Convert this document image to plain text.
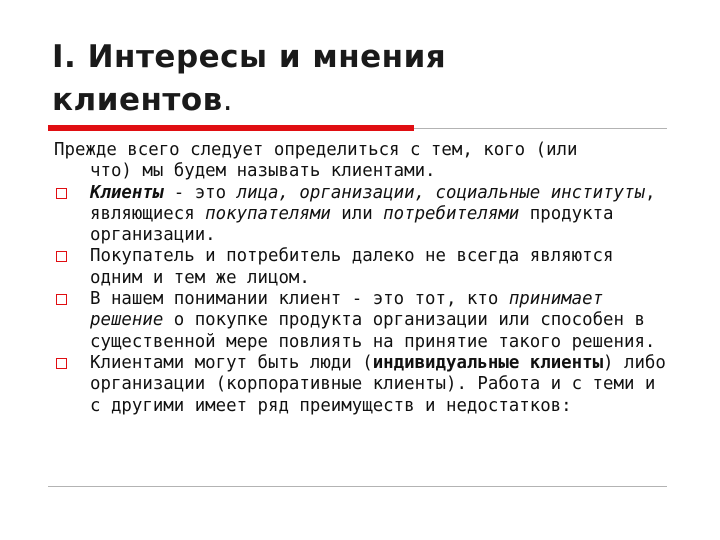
I. Интересы и мнения
клиентов.

Прежде всего следует определиться с тем, кого (или
что) мы будем называть клиентами.

Клиенты - это лица, организации, социальные институты, являющиеся покупателями или потребителями продукта организации.
Покупатель и потребитель далеко не всегда являются одним и тем же лицом.
В нашем понимании клиент - это тот, кто принимает решение о покупке продукта организации или способен в существенной мере повлиять на принятие такого решения.
Клиентами могут быть люди (индивидуальные клиенты) либо организации (корпоративные клиенты). Работа и с теми и с другими имеет ряд преимуществ и недостатков:
